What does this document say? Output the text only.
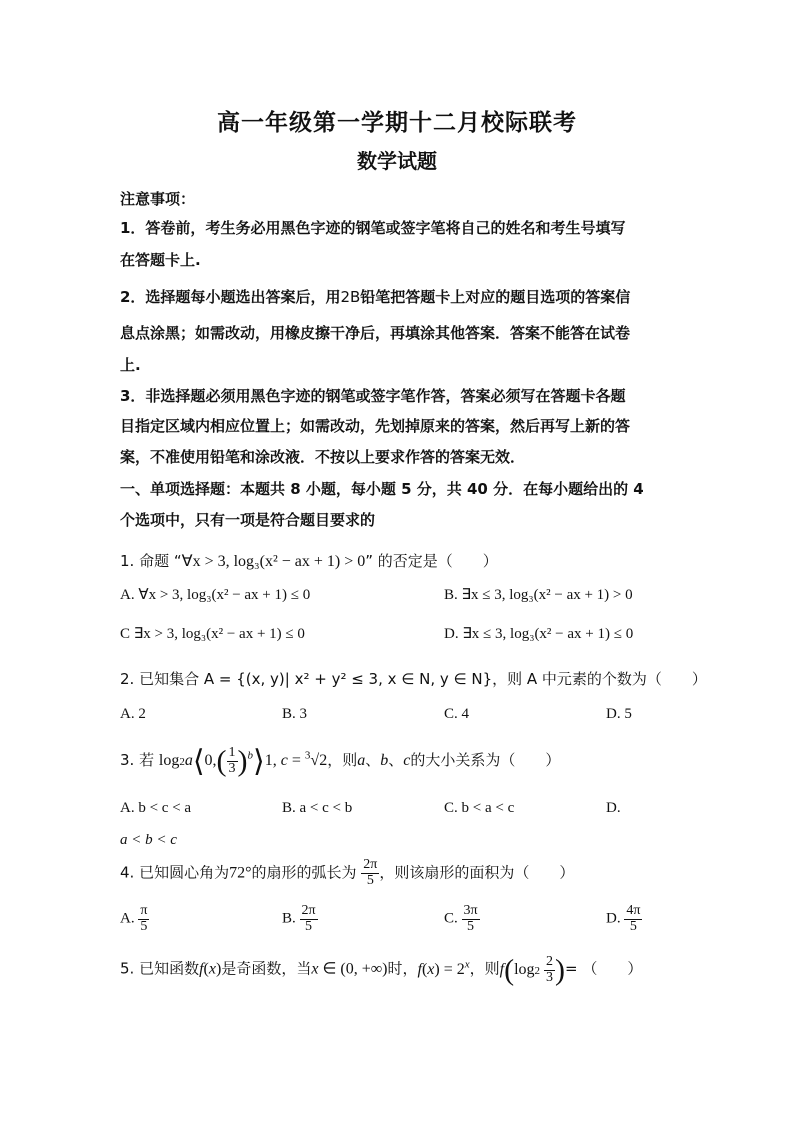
高一年级第一学期十二月校际联考
数学试题
注意事项：
1．答卷前，考生务必用黑色字迹的钢笔或签字笔将自己的姓名和考生号填写
在答题卡上.
2．选择题每小题选出答案后，用2B铅笔把答题卡上对应的题目选项的答案信
息点涂黑；如需改动，用橡皮擦干净后，再填涂其他答案．答案不能答在试卷
上.
3．非选择题必须用黑色字迹的钢笔或签字笔作答，答案必须写在答题卡各题
目指定区域内相应位置上；如需改动，先划掉原来的答案，然后再写上新的答
案，不准使用铅笔和涂改液．不按以上要求作答的答案无效．
一、单项选择题：本题共 8 小题，每小题 5 分，共 40 分．在每小题给出的 4
个选项中，只有一项是符合题目要求的
1. 命题 “∀x > 3, log₃(x² − ax + 1) > 0” 的否定是（　　）
A. ∀x > 3, log₃(x² − ax + 1) ≤ 0	B. ∃x ≤ 3, log₃(x² − ax + 1) > 0
C ∃x > 3, log₃(x² − ax + 1) ≤ 0	D. ∃x ≤ 3, log₃(x² − ax + 1) ≤ 0
2. 已知集合 A = {(x, y)| x² + y² ≤ 3, x ∈ N, y ∈ N}，则 A 中元素的个数为（　　）
A. 2	B. 3	C. 4	D. 5
3. 若 log2a⟨0,( $\frac{1}{3}$ )$^b$⟩1, c = $^3$√2，则a、b、c的大小关系为（　　）
A. b < c < a	B. a < c < b	C. b < a < c	D.
a < b < c
4. 已知圆心角为72°的扇形的弧长为 $\frac{2\pi}{5}$ ，则该扇形的面积为（　　）
A. $\frac{\pi}{5}$	B. $\frac{2\pi}{5}$	C. $\frac{3\pi}{5}$	D. $\frac{4\pi}{5}$
5. 已知函数f(x)是奇函数，当x ∈ (0, +∞)时，$f(x) = 2^x$，则$f(\log 2 \frac{2}{3}$ )= （　　）
